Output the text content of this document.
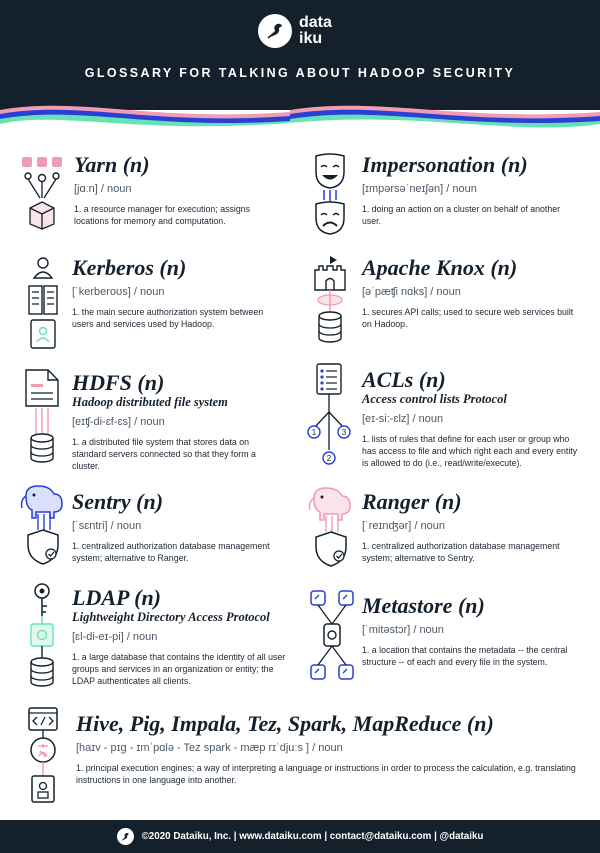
data
iku
GLOSSARY FOR TALKING ABOUT HADOOP SECURITY
Yarn (n)
[jɑːn] / noun
1. a resource manager for execution; assigns locations for memory and computation.
Impersonation (n)
[ɪmpərsəˈneɪʃən] / noun
1. doing an action on a cluster on behalf of another user.
Kerberos (n)
[ˈkerberoʊs] / noun
1. the main secure authorization system between users and services used by Hadoop.
Apache Knox (n)
[əˈpæʧi nɑks] / noun
1. secures API calls; used to secure web services built on Hadoop.
HDFS (n)
Hadoop distributed file system
[eɪʧ-di-ɛf-ɛs] / noun
1. a distributed file system that stores data on standard servers connected so that they form a cluster.
1	3
2
ACLs (n)
Access control lists Protocol
[eɪ-si:-ɛlz] / noun
1. lists of rules that define for each user or group who has access to file and which right each and every entity is allowed to do (i.e., read/write/execute).
Sentry (n)
[ˈsɛntri] / noun
1. centralized authorization database management system; alternative to Ranger.
Ranger (n)
[ˈreɪnʤər] / noun
1. centralized authorization database management system; alternative to Sentry.
LDAP (n)
Lightweight Directory Access Protocol
[ɛl-di-eɪ-pi] / noun
1. a large database that contains the identity of all user groups and services in an organization or entity; the LDAP authenticates all clients.
Metastore (n)
[ˈmitəstɔr] / noun
1. a location that contains the metadata -- the central structure -- of each and every file in the system.
Hive, Pig, Impala, Tez, Spark, MapReduce (n)
[haɪv - pɪg - ɪmˈpɑlə - Tez spark - mæp rɪˈdjuːs ] / noun
1. principal execution engines; a way of interpreting a language or instructions in order to process the calculation, e.g. translating instructions in one language into another.
©2020 Dataiku, Inc. | www.dataiku.com | contact@dataiku.com | @dataiku
